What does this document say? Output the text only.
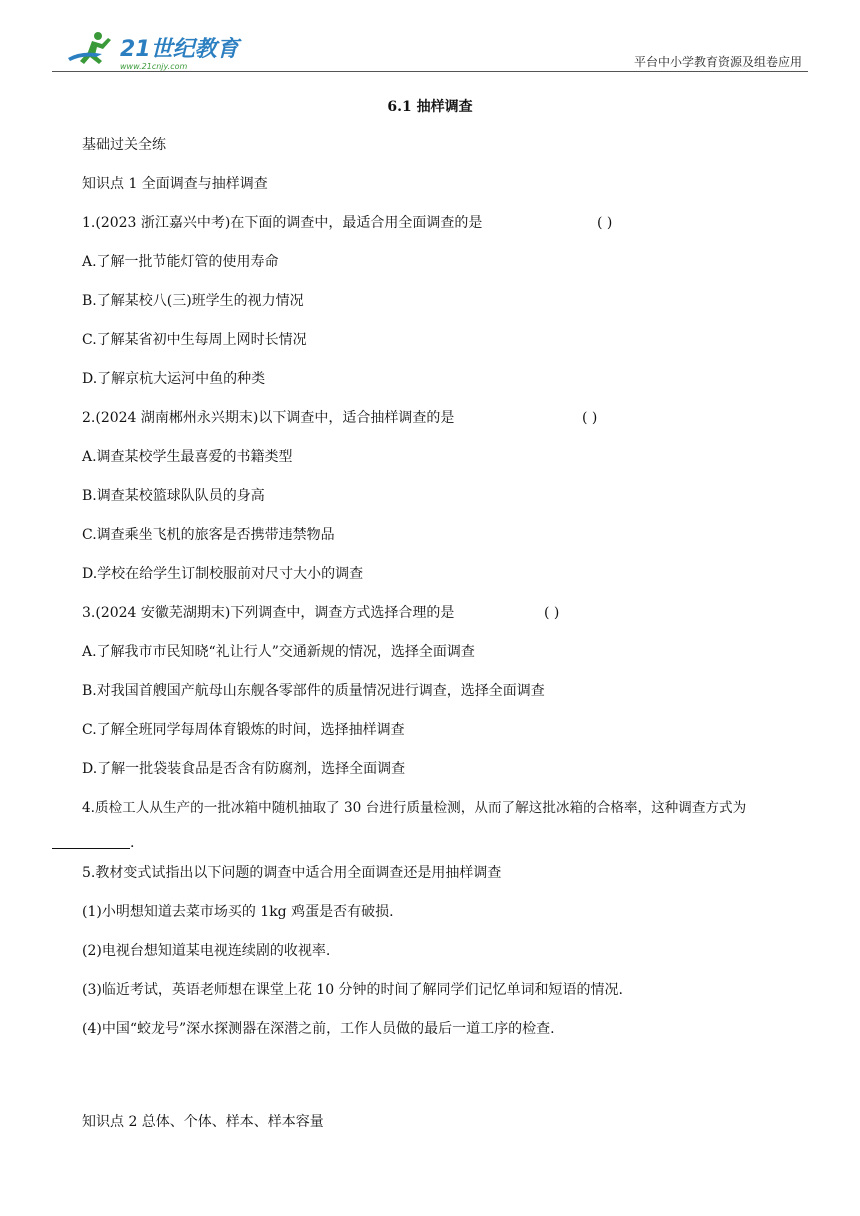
21世纪教育
www.21cnjy.com	平台中小学教育资源及组卷应用
6.1 抽样调查
基础过关全练
知识点 1 全面调查与抽样调查
1.(2023 浙江嘉兴中考)在下面的调查中，最适合用全面调查的是	( )
A.了解一批节能灯管的使用寿命
B.了解某校八(三)班学生的视力情况
C.了解某省初中生每周上网时长情况
D.了解京杭大运河中鱼的种类
2.(2024 湖南郴州永兴期末)以下调查中，适合抽样调查的是	( )
A.调查某校学生最喜爱的书籍类型
B.调查某校篮球队队员的身高
C.调查乘坐飞机的旅客是否携带违禁物品
D.学校在给学生订制校服前对尺寸大小的调查
3.(2024 安徽芜湖期末)下列调查中，调查方式选择合理的是	( )
A.了解我市市民知晓“礼让行人”交通新规的情况，选择全面调查
B.对我国首艘国产航母山东舰各零部件的质量情况进行调查，选择全面调查
C.了解全班同学每周体育锻炼的时间，选择抽样调查
D.了解一批袋装食品是否含有防腐剂，选择全面调查
4.质检工人从生产的一批冰箱中随机抽取了 30 台进行质量检测，从而了解这批冰箱的合格率，这种调查方式为
.
5.教材变式试指出以下问题的调查中适合用全面调查还是用抽样调查
(1)小明想知道去菜市场买的 1kg 鸡蛋是否有破损.
(2)电视台想知道某电视连续剧的收视率.
(3)临近考试，英语老师想在课堂上花 10 分钟的时间了解同学们记忆单词和短语的情况.
(4)中国“蛟龙号”深水探测器在深潜之前，工作人员做的最后一道工序的检查.
知识点 2 总体、个体、样本、样本容量
